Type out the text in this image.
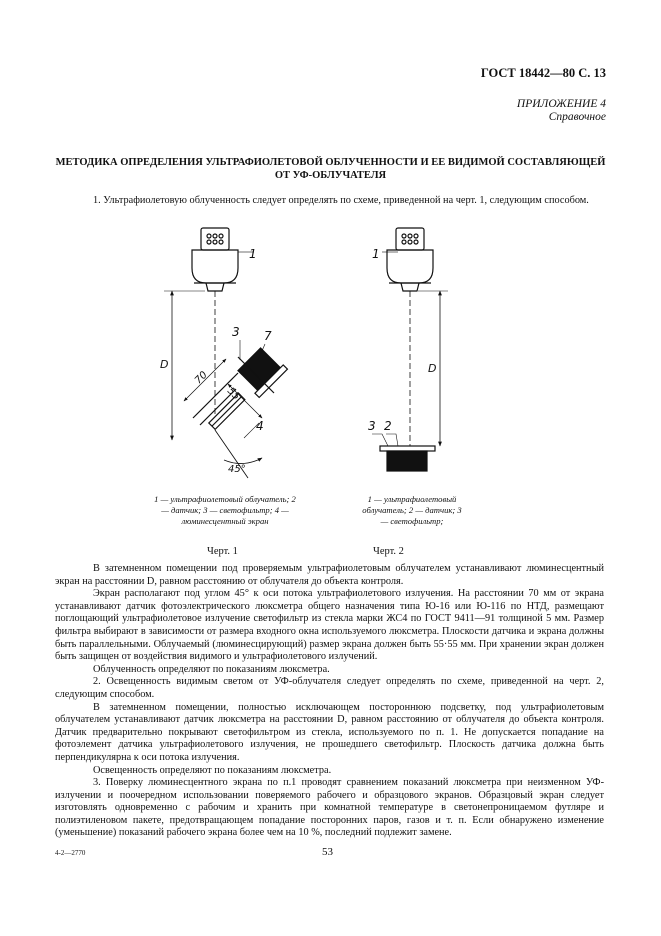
ГОСТ 18442—80 С. 13
ПРИЛОЖЕНИЕ 4
Справочное
МЕТОДИКА ОПРЕДЕЛЕНИЯ УЛЬТРАФИОЛЕТОВОЙ ОБЛУЧЕННОСТИ И ЕЕ ВИДИМОЙ СОСТАВЛЯЮЩЕЙ ОТ УФ-ОБЛУЧАТЕЛЯ
1. Ультрафиолетовую облученность следует определять по схеме, приведенной на черт. 1, следующим способом.
1
3 7
4
D
70
55
45°
1
3 2
D
1 — ультрафиолетовый облучатель; 2 — датчик; 3 — светофильтр; 4 — люминесцентный экран
1 — ультрафиолетовый облучатель; 2 — датчик; 3 — светофильтр;
Черт. 1	Черт. 2

В затемненном помещении под проверяемым ультрафиолетовым облучателем устанавливают люминесцентный экран на расстоянии D, равном расстоянию от облучателя до объекта контроля.

Экран располагают под углом 45° к оси потока ультрафиолетового излучения. На расстоянии 70 мм от экрана устанавливают датчик фотоэлектрического люксметра общего назначения типа Ю-16 или Ю-116 по НТД, размещают поглощающий ультрафиолетовое излучение светофильтр из стекла марки ЖС4 по ГОСТ 9411—91 толщиной 5 мм. Размер фильтра выбирают в зависимости от размера входного окна используемого люксметра. Плоскости датчика и экрана должны быть параллельными. Облучаемый (люминесцирующий) размер экрана должен быть 55·55 мм. При хранении экран должен быть защищен от воздействия видимого и ультрафиолетового излучений.

Облученность определяют по показаниям люксметра.

2. Освещенность видимым светом от УФ-облучателя следует определять по схеме, приведенной на черт. 2, следующим способом.

В затемненном помещении, полностью исключающем постороннюю подсветку, под ультрафиолетовым облучателем устанавливают датчик люксметра на расстоянии D, равном расстоянию от облучателя до объекта контроля. Датчик предварительно покрывают светофильтром из стекла, используемого по п. 1. Не допускается попадание на фотоэлемент датчика ультрафиолетового излучения, не прошедшего светофильтр. Плоскость датчика должна быть перпендикулярна к оси потока излучения.

Освещенность определяют по показаниям люксметра.

3. Поверку люминесцентного экрана по п.1 проводят сравнением показаний люксметра при неизменном УФ-излучении и поочередном использовании поверяемого рабочего и образцового экранов. Образцовый экран следует изготовлять одновременно с рабочим и хранить при комнатной температуре в светонепроницаемом футляре и полиэтиленовом пакете, предотвращающем попадание посторонних паров, газов и т. п. Если обнаружено изменение (уменьшение) показаний рабочего экрана более чем на 10 %, последний подлежит замене.

4-2—2770	53
